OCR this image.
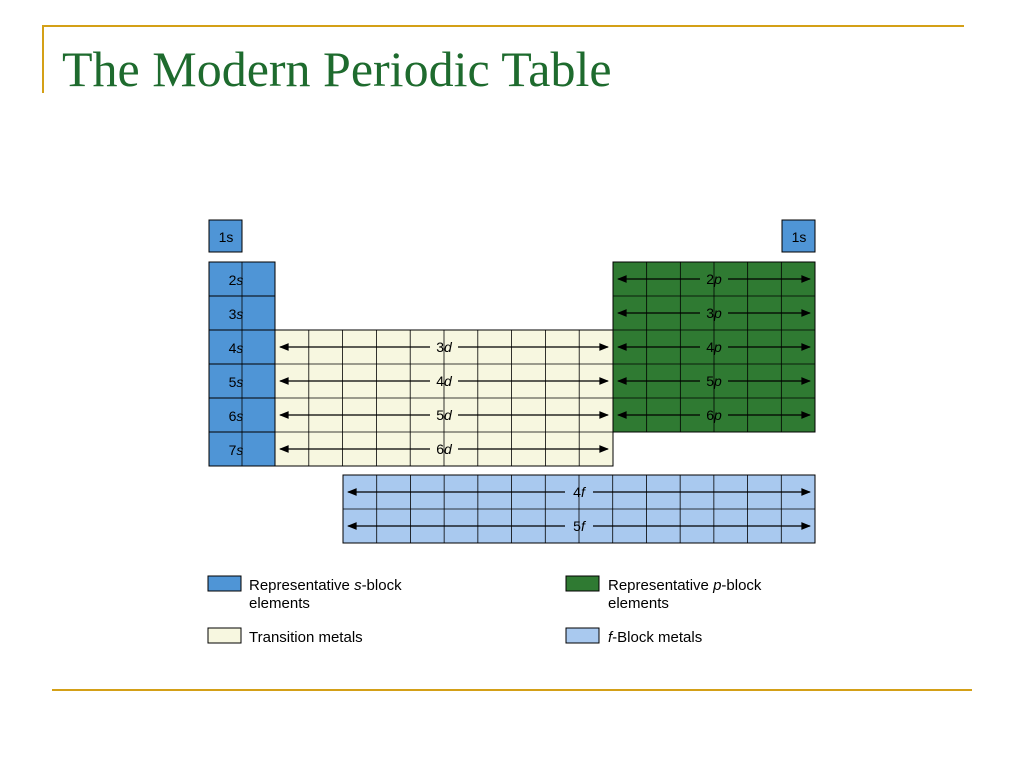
The Modern Periodic Table
1s	1s
2s
3s
4s
5s
6s
7s
3d
4d
5d
6d
2p
3p
4p
5p
6p
4f
5f
Representative s-block
elements
Transition metals
Representative p-block
elements
f-Block metals
